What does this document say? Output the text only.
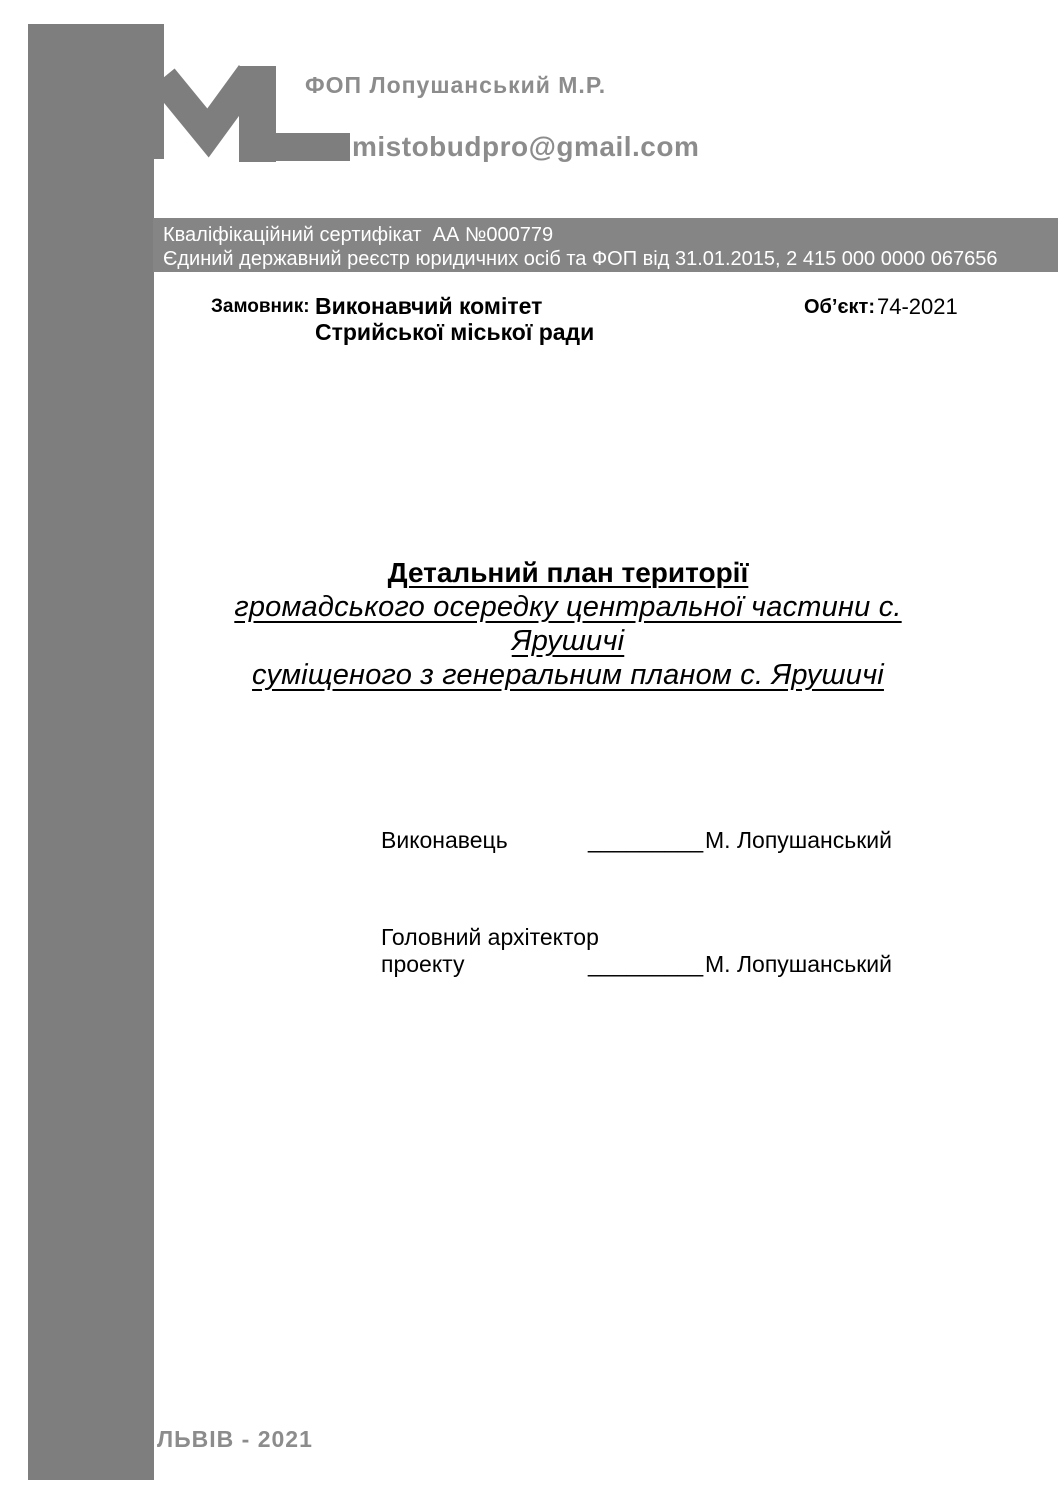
ФОП Лопушанський М.Р.
mistobudpro@gmail.com
Кваліфікаційний сертифікат  АА №000779
Єдиний державний реєстр юридичних осіб та ФОП від 31.01.2015, 2 415 000 0000 067656
Замовник: Виконавчий комітет
Стрийської міської ради
Об’єкт: 74-2021
Детальний план території
громадського осередку центральної частини с. Ярушичі
суміщеного з генеральним планом с. Ярушичі
Виконавець	_________ М. Лопушанський
Головний архітектор
проекту	_________ М. Лопушанський
ЛЬВІВ - 2021
